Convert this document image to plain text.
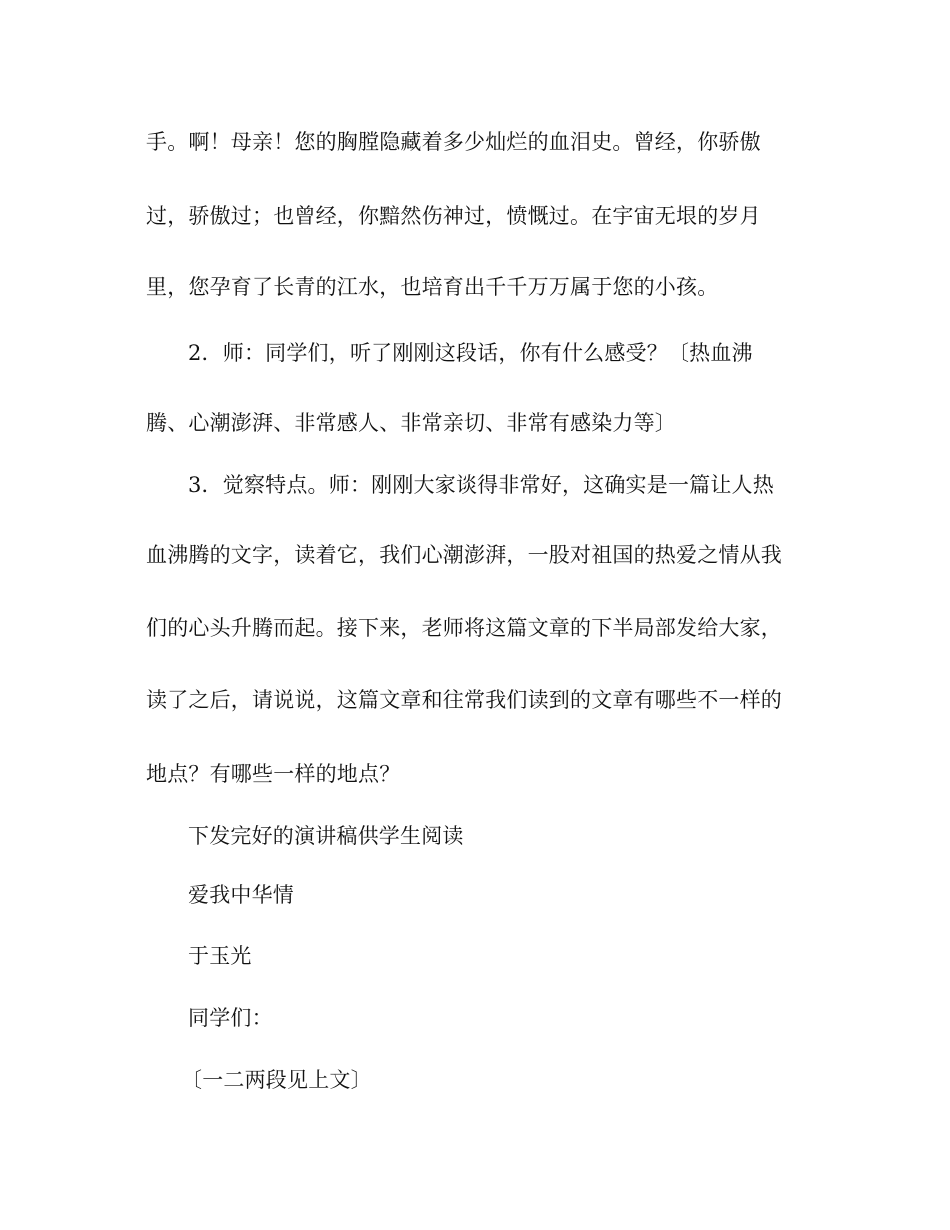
手。啊！母亲！您的胸膛隐藏着多少灿烂的血泪史。曾经，你骄傲
过，骄傲过；也曾经，你黯然伤神过，愤慨过。在宇宙无垠的岁月
里，您孕育了长青的江水，也培育出千千万万属于您的小孩。
2．师：同学们，听了刚刚这段话，你有什么感受？〔热血沸
腾、心潮澎湃、非常感人、非常亲切、非常有感染力等〕
3．觉察特点。师：刚刚大家谈得非常好，这确实是一篇让人热
血沸腾的文字，读着它，我们心潮澎湃，一股对祖国的热爱之情从我
们的心头升腾而起。接下来，老师将这篇文章的下半局部发给大家，
读了之后，请说说，这篇文章和往常我们读到的文章有哪些不一样的
地点？有哪些一样的地点？
下发完好的演讲稿供学生阅读
爱我中华情
于玉光
同学们：
〔一二两段见上文〕
